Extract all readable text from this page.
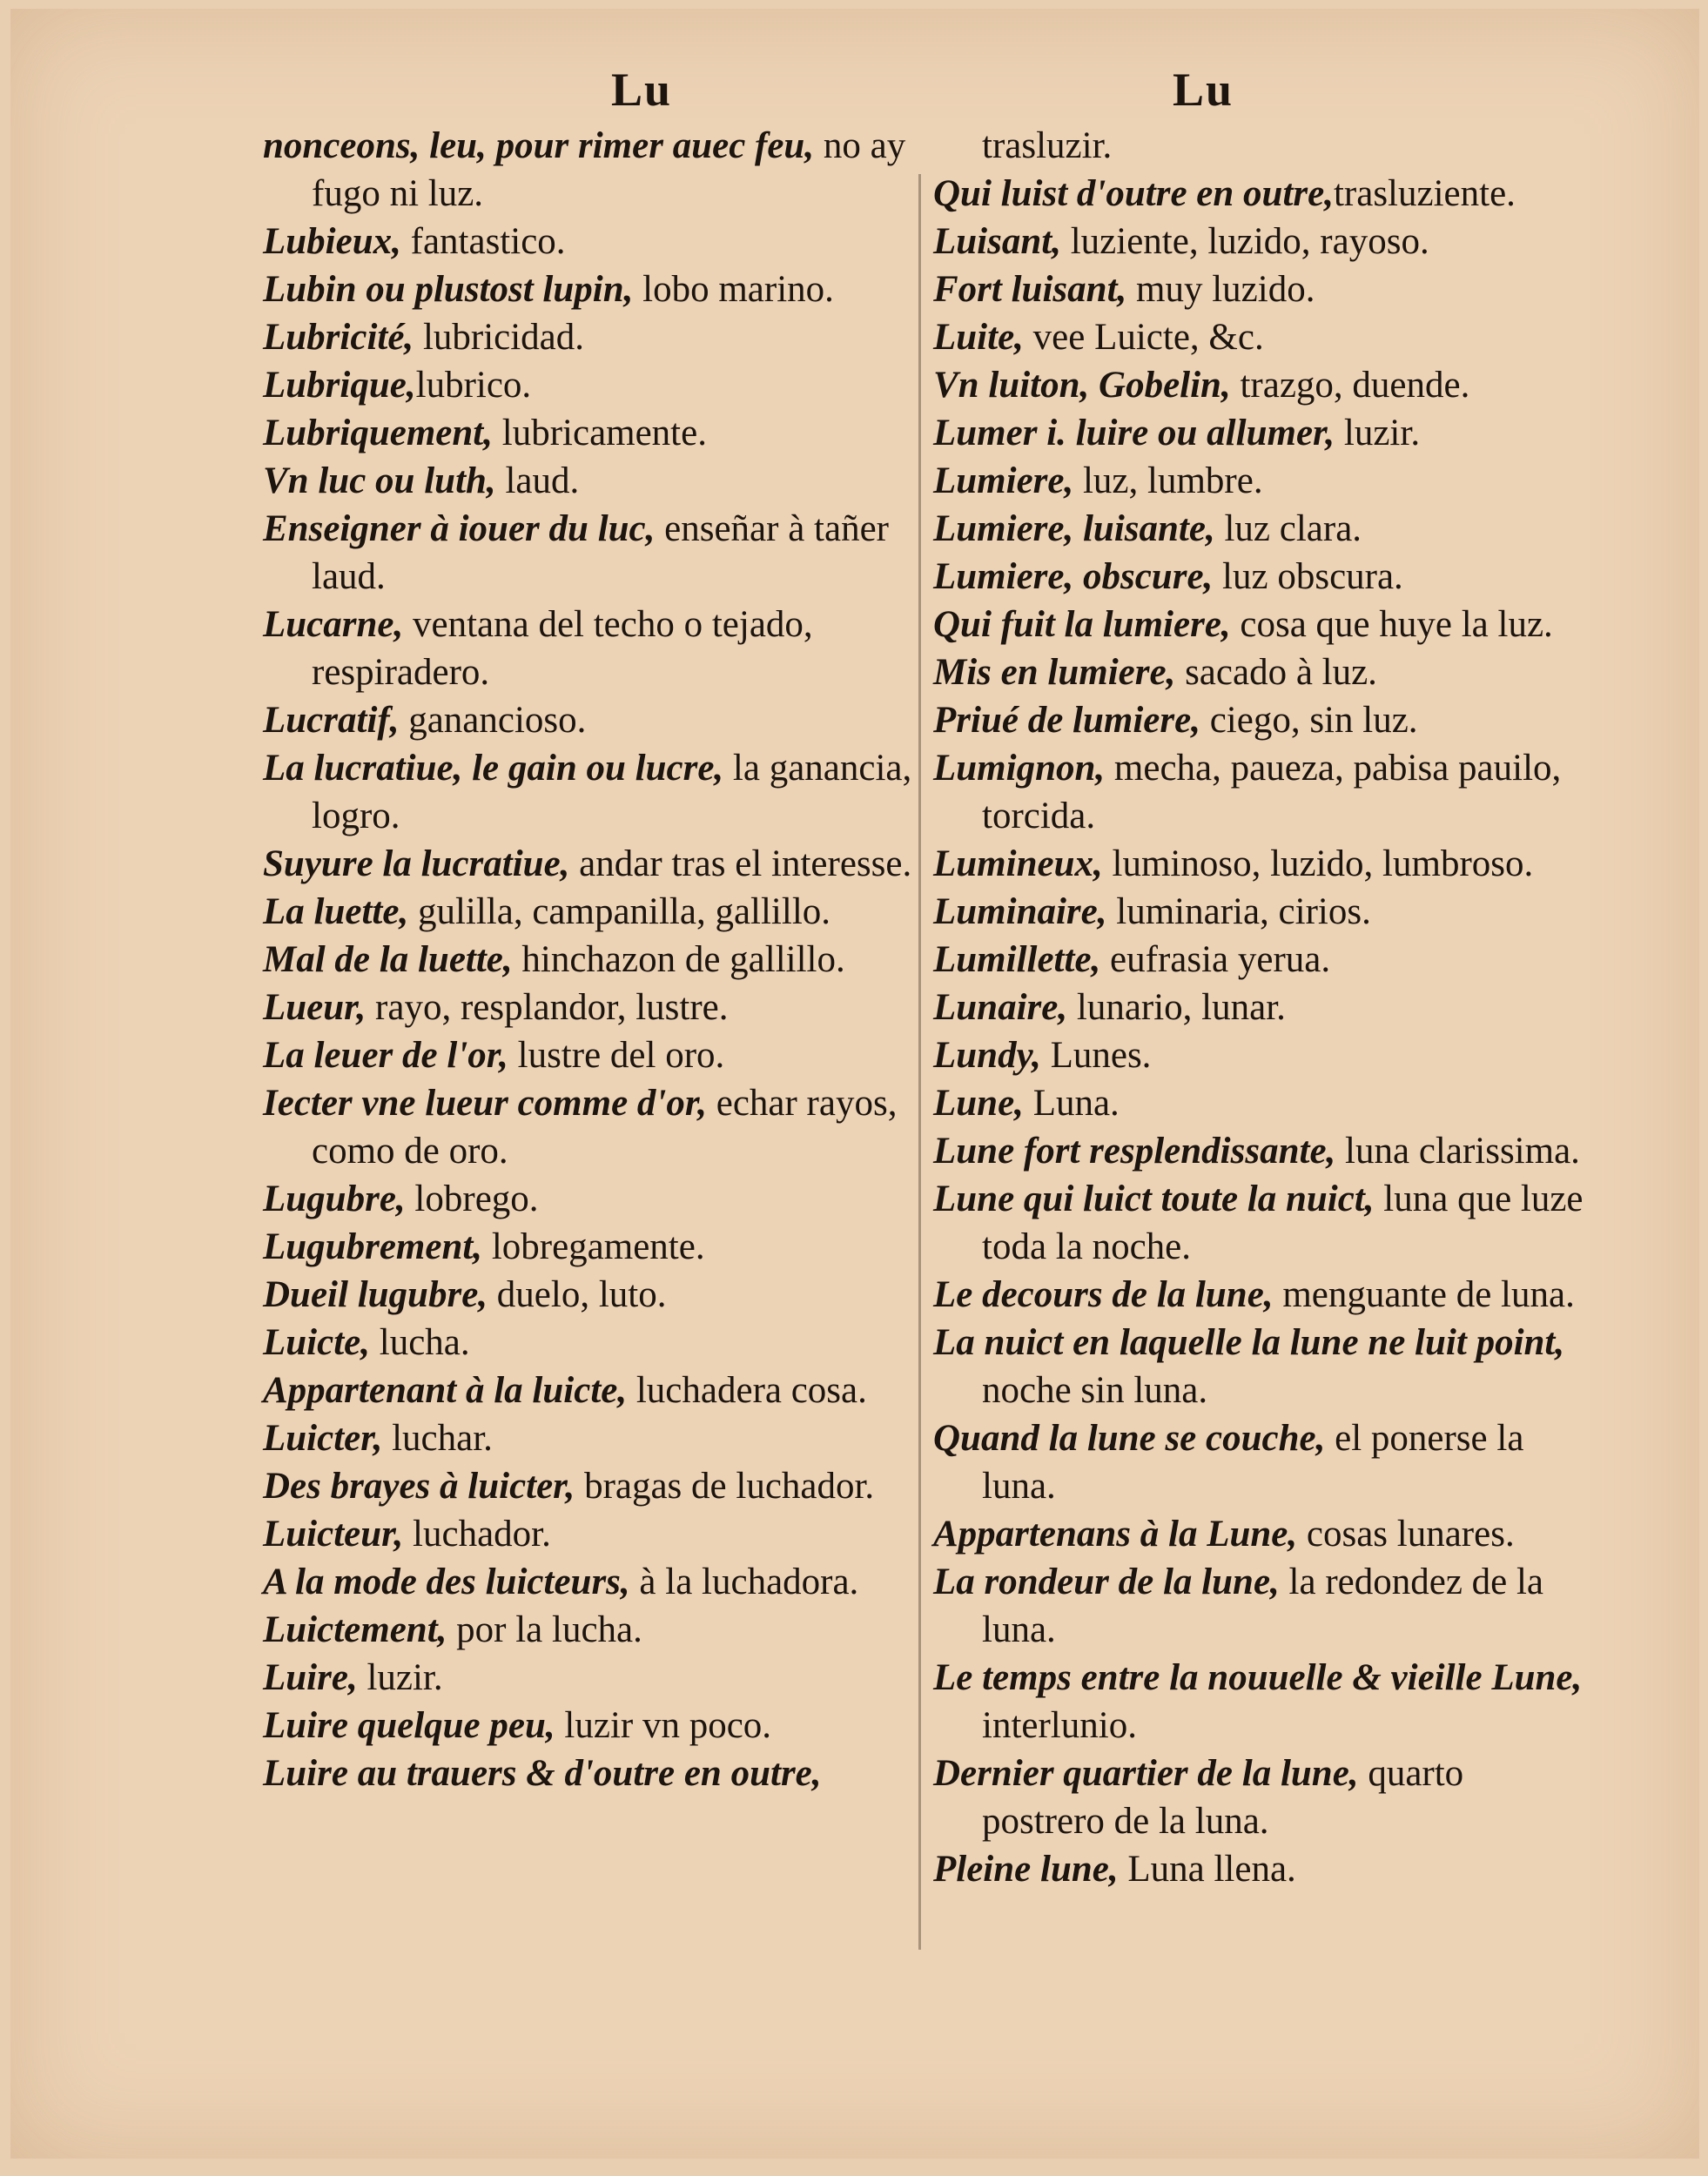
Lu	Lu
nonceons, leu, pour rimer auec feu, no ay fugo ni luz.
Lubieux, fantastico.
Lubin ou plustost lupin, lobo marino.
Lubricité, lubricidad.
Lubrique,lubrico.
Lubriquement, lubricamente.
Vn luc ou luth, laud.
Enseigner à iouer du luc, enseñar à tañer laud.
Lucarne, ventana del techo o tejado, respiradero.
Lucratif, ganancioso.
La lucratiue, le gain ou lucre, la ganancia, logro.
Suyure la lucratiue, andar tras el interesse.
La luette, gulilla, campanilla, gallillo.
Mal de la luette, hinchazon de gallillo.
Lueur, rayo, resplandor, lustre.
La leuer de l'or, lustre del oro.
Iecter vne lueur comme d'or, echar rayos, como de oro.
Lugubre, lobrego.
Lugubrement, lobregamente.
Dueil lugubre, duelo, luto.
Luicte, lucha.
Appartenant à la luicte, luchadera cosa.
Luicter, luchar.
Des brayes à luicter, bragas de luchador.
Luicteur, luchador.
A la mode des luicteurs, à la luchadora.
Luictement, por la lucha.
Luire, luzir.
Luire quelque peu, luzir vn poco.
Luire au trauers & d'outre en outre,
trasluzir.
Qui luist d'outre en outre,trasluziente.
Luisant, luziente, luzido, rayoso.
Fort luisant, muy luzido.
Luite, vee Luicte, &c.
Vn luiton, Gobelin, trazgo, duende.
Lumer i. luire ou allumer, luzir.
Lumiere, luz, lumbre.
Lumiere, luisante, luz clara.
Lumiere, obscure, luz obscura.
Qui fuit la lumiere, cosa que huye la luz.
Mis en lumiere, sacado à luz.
Priué de lumiere, ciego, sin luz.
Lumignon, mecha, paueza, pabisa pauilo, torcida.
Lumineux, luminoso, luzido, lumbroso.
Luminaire, luminaria, cirios.
Lumillette, eufrasia yerua.
Lunaire, lunario, lunar.
Lundy, Lunes.
Lune, Luna.
Lune fort resplendissante, luna clarissima.
Lune qui luict toute la nuict, luna que luze toda la noche.
Le decours de la lune, menguante de luna.
La nuict en laquelle la lune ne luit point, noche sin luna.
Quand la lune se couche, el ponerse la luna.
Appartenans à la Lune, cosas lunares.
La rondeur de la lune, la redondez de la luna.
Le temps entre la nouuelle & vieille Lune, interlunio.
Dernier quartier de la lune, quarto postrero de la luna.
Pleine lune, Luna llena.
